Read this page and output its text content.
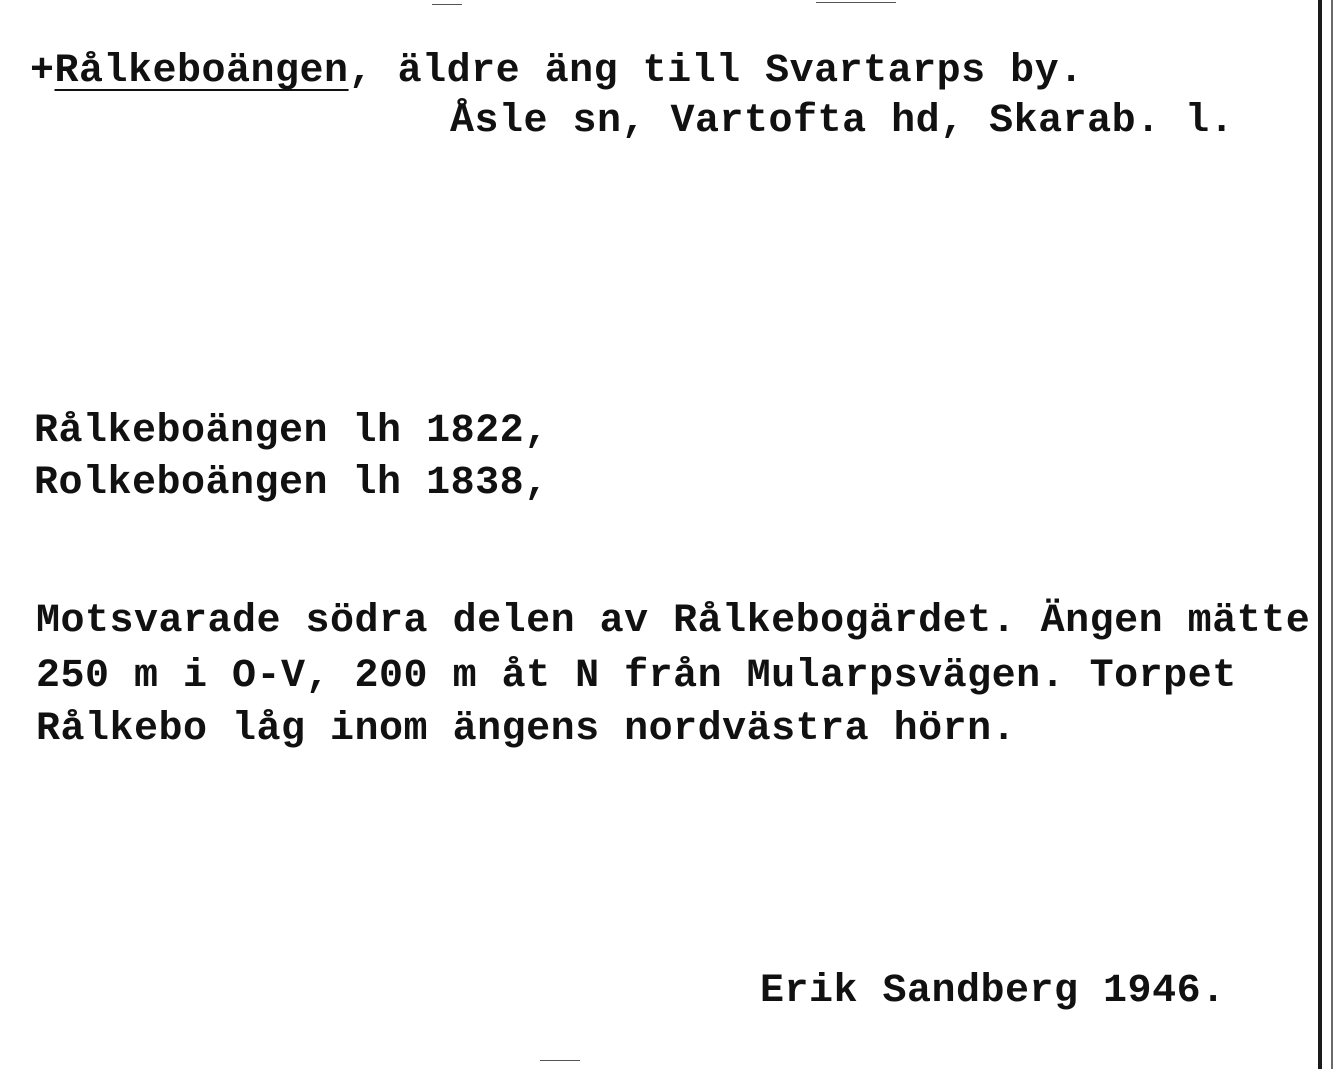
+Rålkeboängen, äldre äng till Svartarps by.
Åsle sn, Vartofta hd, Skarab. l.
Rålkeboängen lh 1822,
Rolkeboängen lh 1838,
Motsvarade södra delen av Rålkebogärdet. Ängen mätte
250 m i O-V, 200 m åt N från Mularpsvägen. Torpet
Rålkebo låg inom ängens nordvästra hörn.
Erik Sandberg 1946.
